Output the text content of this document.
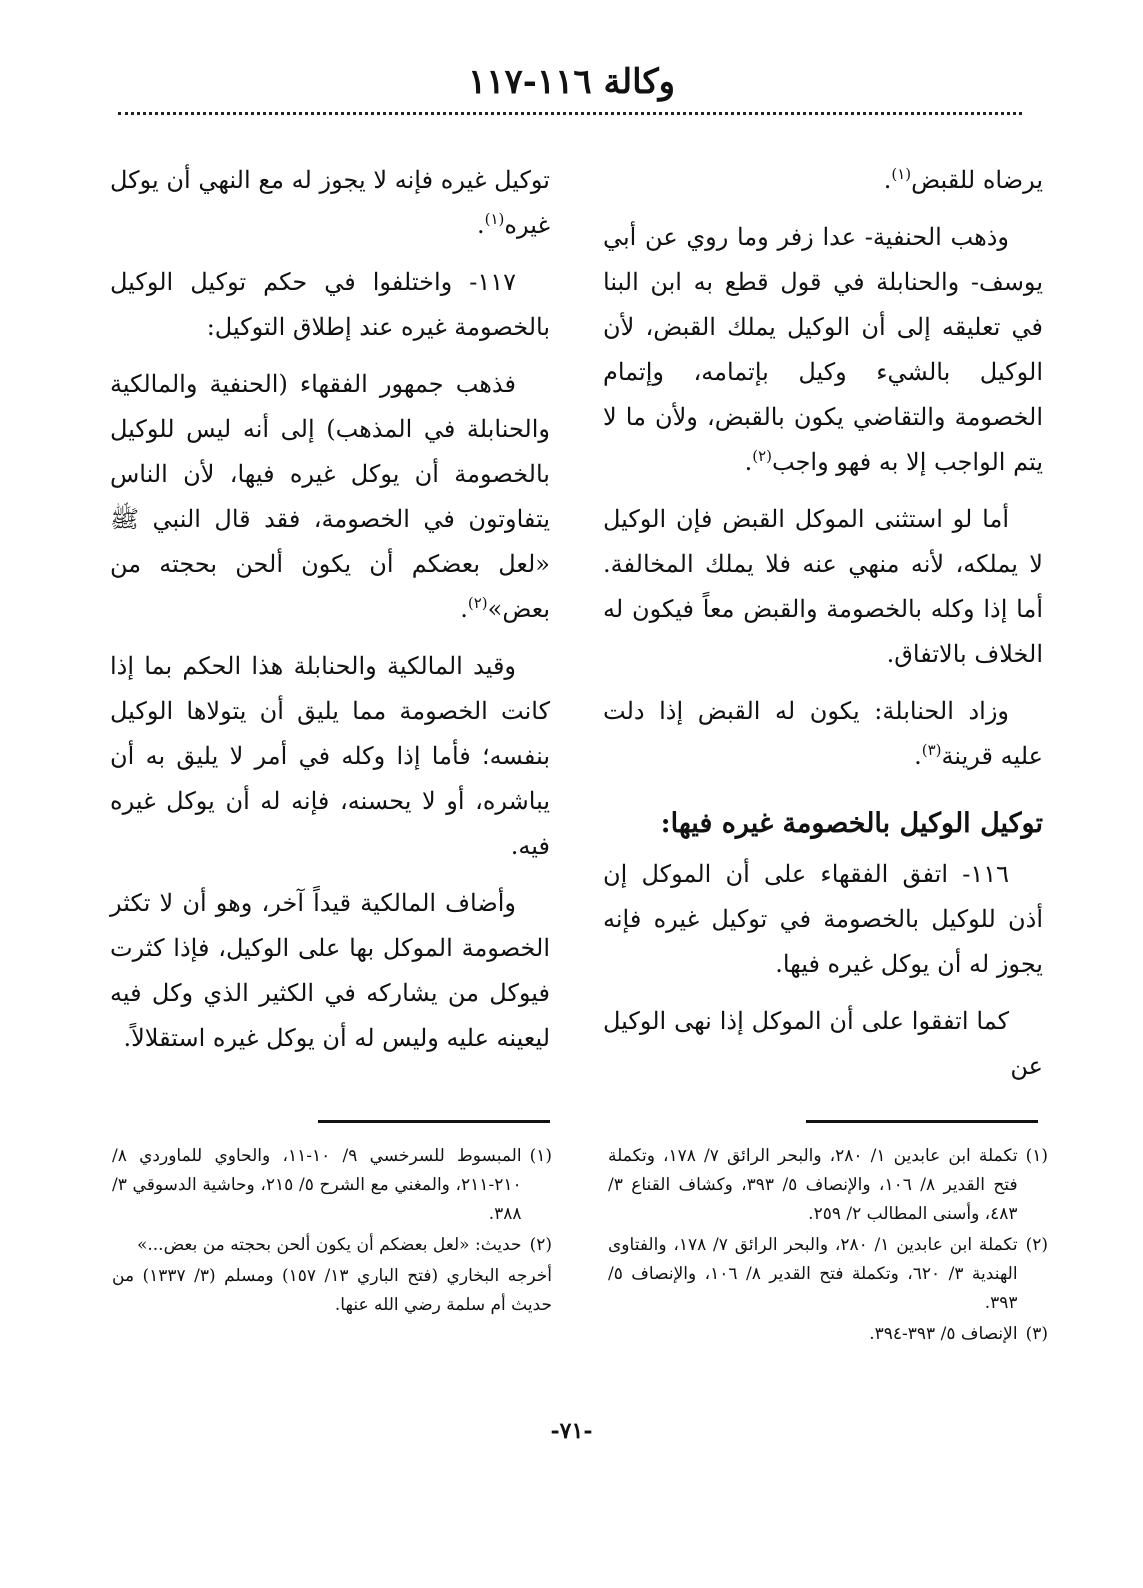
وكالة ١١٦-١١٧

يرضاه للقبض$^{(١)}$.

وذهب الحنفية- عدا زفر وما روي عن أبي يوسف- والحنابلة في قول قطع به ابن البنا في تعليقه إلى أن الوكيل يملك القبض، لأن الوكيل بالشيء وكيل بإتمامه، وإتمام الخصومة والتقاضي يكون بالقبض، ولأن ما لا يتم الواجب إلا به فهو واجب$^{(٢)}$.

أما لو استثنى الموكل القبض فإن الوكيل لا يملكه، لأنه منهي عنه فلا يملك المخالفة. أما إذا وكله بالخصومة والقبض معاً فيكون له الخلاف بالاتفاق.

وزاد الحنابلة: يكون له القبض إذا دلت عليه قرينة$^{(٣)}$.

توكيل الوكيل بالخصومة غيره فيها:

١١٦- اتفق الفقهاء على أن الموكل إن أذن للوكيل بالخصومة في توكيل غيره فإنه يجوز له أن يوكل غيره فيها.

كما اتفقوا على أن الموكل إذا نهى الوكيل عن

توكيل غيره فإنه لا يجوز له مع النهي أن يوكل غيره$^{(١)}$.

١١٧- واختلفوا في حكم توكيل الوكيل بالخصومة غيره عند إطلاق التوكيل:

فذهب جمهور الفقهاء (الحنفية والمالكية والحنابلة في المذهب) إلى أنه ليس للوكيل بالخصومة أن يوكل غيره فيها، لأن الناس يتفاوتون في الخصومة، فقد قال النبي ﷺ «لعل بعضكم أن يكون ألحن بحجته من بعض»$^{(٢)}$.

وقيد المالكية والحنابلة هذا الحكم بما إذا كانت الخصومة مما يليق أن يتولاها الوكيل بنفسه؛ فأما إذا وكله في أمر لا يليق به أن يباشره، أو لا يحسنه، فإنه له أن يوكل غيره فيه.

وأضاف المالكية قيداً آخر، وهو أن لا تكثر الخصومة الموكل بها على الوكيل، فإذا كثرت فيوكل من يشاركه في الكثير الذي وكل فيه ليعينه عليه وليس له أن يوكل غيره استقلالاً.

(١)
تكملة ابن عابدين ١/ ٢٨٠، والبحر الرائق ٧/ ١٧٨، وتكملة فتح القدير ٨/ ١٠٦، والإنصاف ٥/ ٣٩٣، وكشاف القناع ٣/ ٤٨٣، وأسنى المطالب ٢/ ٢٥٩.
(٢)
تكملة ابن عابدين ١/ ٢٨٠، والبحر الرائق ٧/ ١٧٨، والفتاوى الهندية ٣/ ٦٢٠، وتكملة فتح القدير ٨/ ١٠٦، والإنصاف ٥/ ٣٩٣.
(٣)
الإنصاف ٥/ ٣٩٣-٣٩٤.
(١)
المبسوط للسرخسي ٩/ ١٠-١١، والحاوي للماوردي ٨/ ٢١٠-٢١١، والمغني مع الشرح ٥/ ٢١٥، وحاشية الدسوقي ٣/ ٣٨٨.
(٢)
حديث: «لعل بعضكم أن يكون ألحن بحجته من بعض...»
أخرجه البخاري (فتح الباري ١٣/ ١٥٧) ومسلم (٣/ ١٣٣٧) من حديث أم سلمة رضي الله عنها.
-٧١-
